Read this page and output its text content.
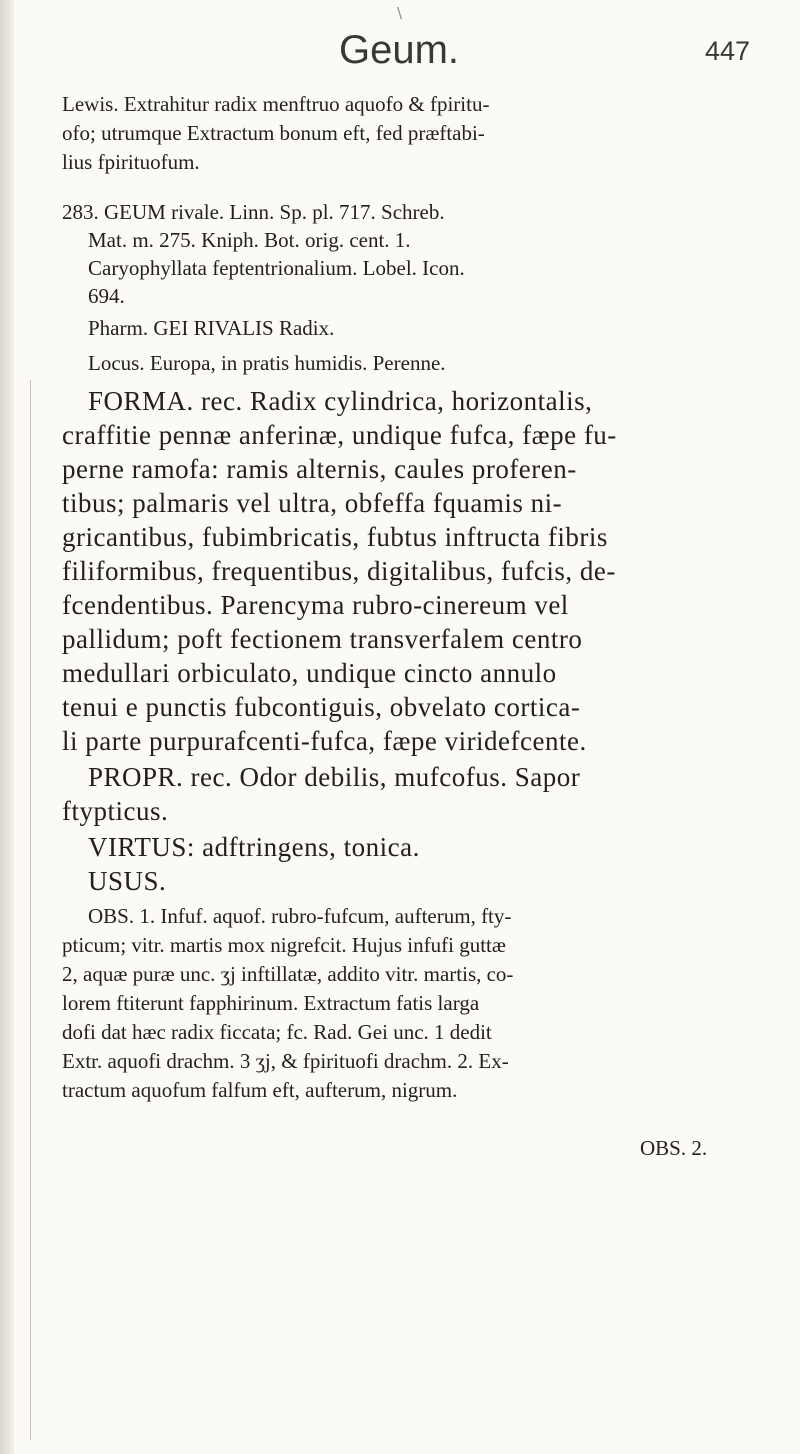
\
Geum.	447
Lewis. Extrahitur radix menftruo aquofo & fpiritu-
ofo; utrumque Extractum bonum eft, fed præftabi-
lius fpirituofum.
283. GEUM rivale. Linn. Sp. pl. 717. Schreb.
Mat. m. 275. Kniph. Bot. orig. cent. 1.
Caryophyllata feptentrionalium. Lobel. Icon.
694.
Pharm. GEI RIVALIS Radix.
Locus. Europa, in pratis humidis. Perenne.
FORMA. rec. Radix cylindrica, horizontalis,
craffitie pennæ anferinæ, undique fufca, fæpe fu-
perne ramofa: ramis alternis, caules proferen-
tibus; palmaris vel ultra, obfeffa fquamis ni-
gricantibus, fubimbricatis, fubtus inftructa fibris
filiformibus, frequentibus, digitalibus, fufcis, de-
fcendentibus. Parencyma rubro-cinereum vel
pallidum; poft fectionem transverfalem centro
medullari orbiculato, undique cincto annulo
tenui e punctis fubcontiguis, obvelato cortica-
li parte purpurafcenti-fufca, fæpe viridefcente.
PROPR. rec. Odor debilis, mufcofus. Sapor
ftypticus.
VIRTUS: adftringens, tonica.
USUS.
OBS. 1. Infuf. aquof. rubro-fufcum, aufterum, fty-
pticum; vitr. martis mox nigrefcit. Hujus infufi guttæ
2, aquæ puræ unc. ʒj inftillatæ, addito vitr. martis, co-
lorem ftiterunt fapphirinum. Extractum fatis larga
dofi dat hæc radix ficcata; fc. Rad. Gei unc. 1 dedit
Extr. aquofi drachm. 3 ʒj, & fpirituofi drachm. 2. Ex-
tractum aquofum falfum eft, aufterum, nigrum.
OBS. 2.
